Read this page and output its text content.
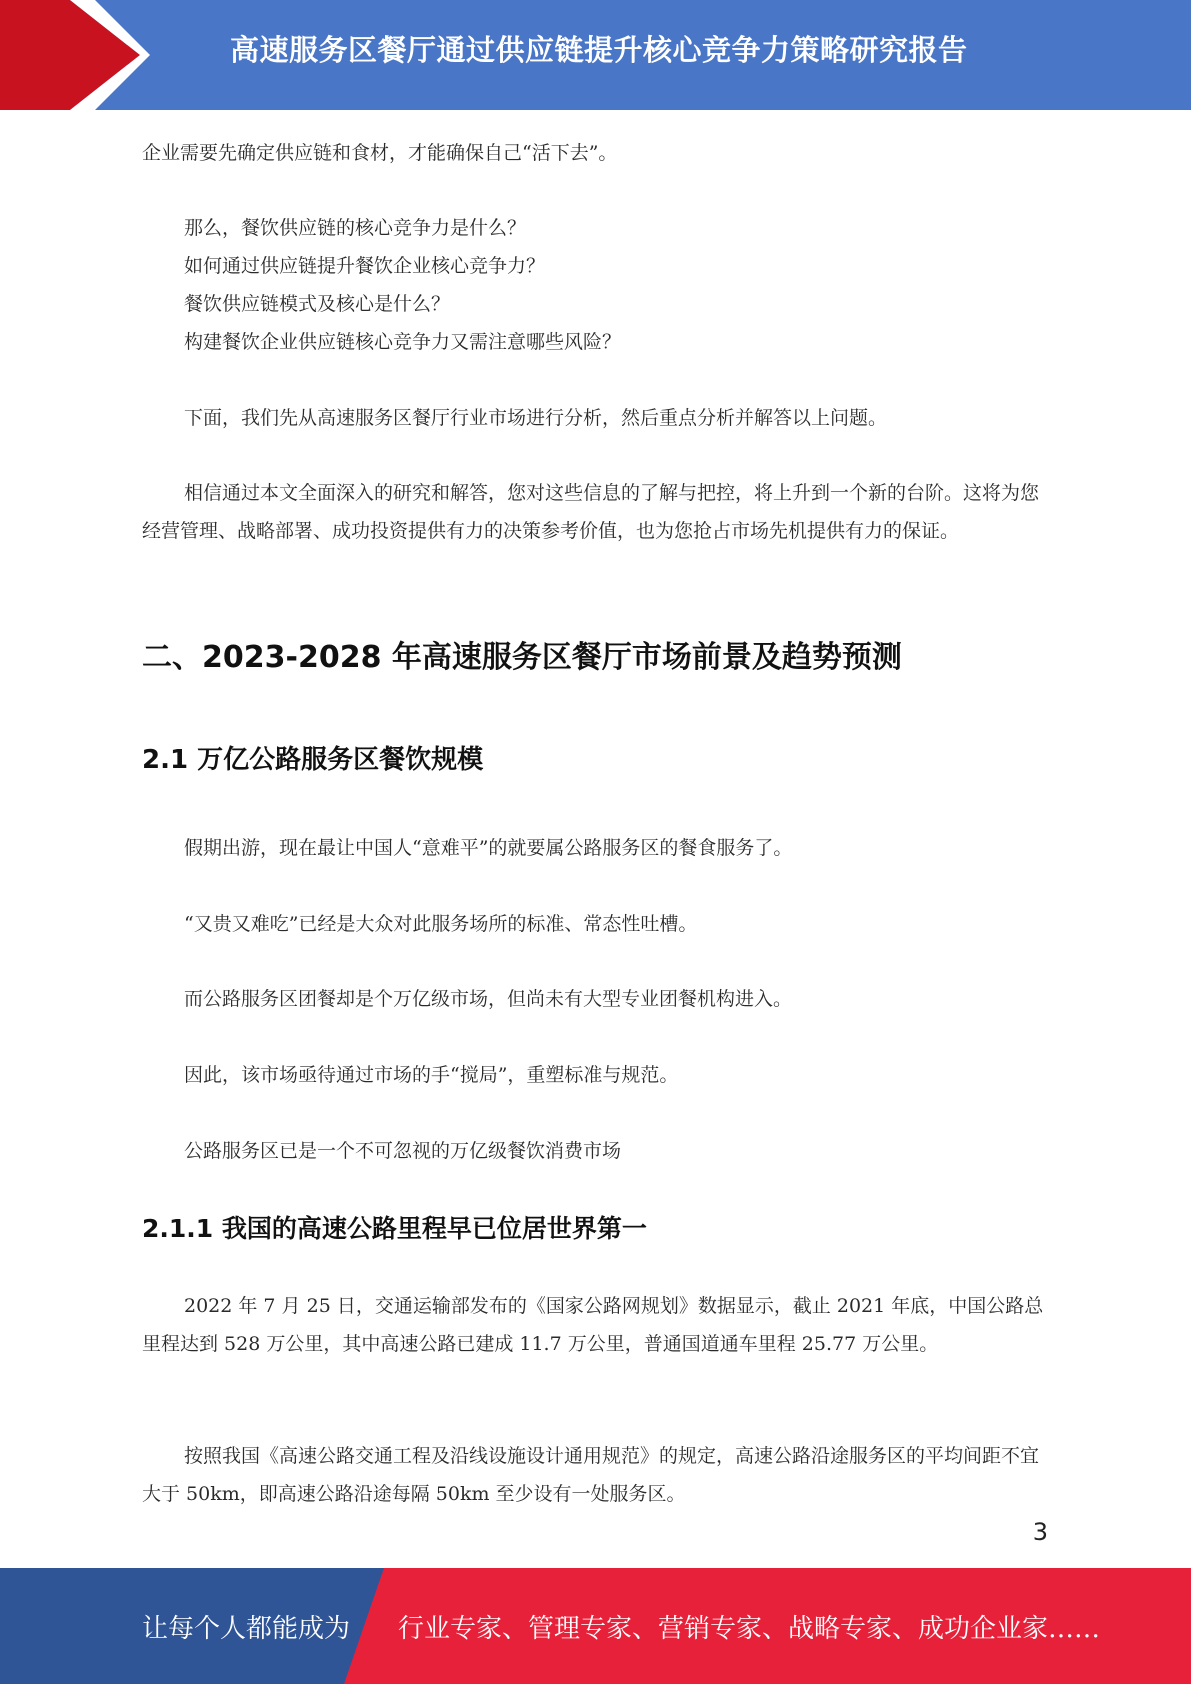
高速服务区餐厅通过供应链提升核心竞争力策略研究报告

企业需要先确定供应链和食材，才能确保自己“活下去”。

那么，餐饮供应链的核心竞争力是什么？

如何通过供应链提升餐饮企业核心竞争力？

餐饮供应链模式及核心是什么？

构建餐饮企业供应链核心竞争力又需注意哪些风险？

下面，我们先从高速服务区餐厅行业市场进行分析，然后重点分析并解答以上问题。

相信通过本文全面深入的研究和解答，您对这些信息的了解与把控，将上升到一个新的台阶。这将为您经营管理、战略部署、成功投资提供有力的决策参考价值，也为您抢占市场先机提供有力的保证。

二、2023-2028 年高速服务区餐厅市场前景及趋势预测
2.1 万亿公路服务区餐饮规模

假期出游，现在最让中国人“意难平”的就要属公路服务区的餐食服务了。

“又贵又难吃”已经是大众对此服务场所的标准、常态性吐槽。

而公路服务区团餐却是个万亿级市场，但尚未有大型专业团餐机构进入。

因此，该市场亟待通过市场的手“搅局”，重塑标准与规范。

公路服务区已是一个不可忽视的万亿级餐饮消费市场

2.1.1 我国的高速公路里程早已位居世界第一

2022 年 7 月 25 日，交通运输部发布的《国家公路网规划》数据显示，截止 2021 年底，中国公路总里程达到 528 万公里，其中高速公路已建成 11.7 万公里，普通国道通车里程 25.77 万公里。

按照我国《高速公路交通工程及沿线设施设计通用规范》的规定，高速公路沿途服务区的平均间距不宜大于 50km，即高速公路沿途每隔 50km 至少设有一处服务区。

3
让每个人都能成为 行业专家、管理专家、营销专家、战略专家、成功企业家……
